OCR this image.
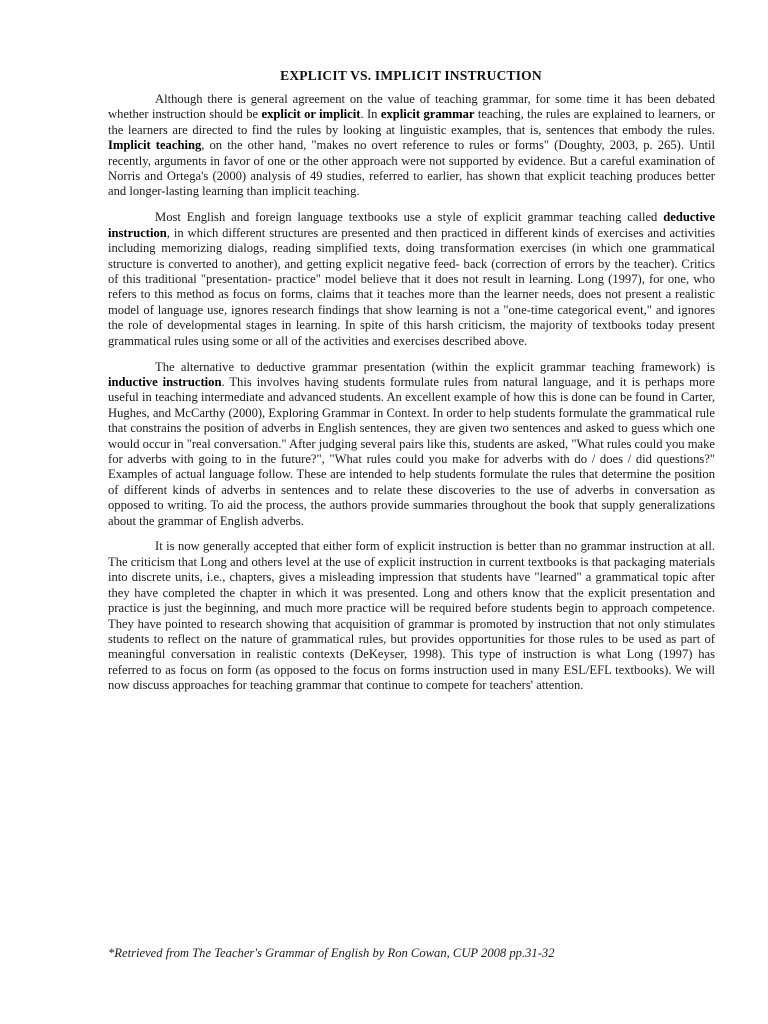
EXPLICIT VS. IMPLICIT INSTRUCTION

Although there is general agreement on the value of teaching grammar, for some time it has been debated whether instruction should be explicit or implicit. In explicit grammar teaching, the rules are explained to learners, or the learners are directed to find the rules by looking at linguistic examples, that is, sentences that embody the rules. Implicit teaching, on the other hand, "makes no overt reference to rules or forms" (Doughty, 2003, p. 265). Until recently, arguments in favor of one or the other approach were not supported by evidence. But a careful examination of Norris and Ortega's (2000) analysis of 49 studies, referred to earlier, has shown that explicit teaching produces better and longer-lasting learning than implicit teaching.

Most English and foreign language textbooks use a style of explicit grammar teaching called deductive instruction, in which different structures are presented and then practiced in different kinds of exercises and activities including memorizing dialogs, reading simplified texts, doing transformation exercises (in which one grammatical structure is converted to another), and getting explicit negative feed- back (correction of errors by the teacher). Critics of this traditional "presentation- practice" model believe that it does not result in learning. Long (1997), for one, who refers to this method as focus on forms, claims that it teaches more than the learner needs, does not present a realistic model of language use, ignores research findings that show learning is not a "one-time categorical event," and ignores the role of developmental stages in learning. In spite of this harsh criticism, the majority of textbooks today present grammatical rules using some or all of the activities and exercises described above.

The alternative to deductive grammar presentation (within the explicit grammar teaching framework) is inductive instruction. This involves having students formulate rules from natural language, and it is perhaps more useful in teaching intermediate and advanced students. An excellent example of how this is done can be found in Carter, Hughes, and McCarthy (2000), Exploring Grammar in Context. In order to help students formulate the grammatical rule that constrains the position of adverbs in English sentences, they are given two sentences and asked to guess which one would occur in "real conversation." After judging several pairs like this, students are asked, "What rules could you make for adverbs with going to in the future?", "What rules could you make for adverbs with do / does / did questions?" Examples of actual language follow. These are intended to help students formulate the rules that determine the position of different kinds of adverbs in sentences and to relate these discoveries to the use of adverbs in conversation as opposed to writing. To aid the process, the authors provide summaries throughout the book that supply generalizations about the grammar of English adverbs.

It is now generally accepted that either form of explicit instruction is better than no grammar instruction at all. The criticism that Long and others level at the use of explicit instruction in current textbooks is that packaging materials into discrete units, i.e., chapters, gives a misleading impression that students have "learned" a grammatical topic after they have completed the chapter in which it was presented. Long and others know that the explicit presentation and practice is just the beginning, and much more practice will be required before students begin to approach competence. They have pointed to research showing that acquisition of grammar is promoted by instruction that not only stimulates students to reflect on the nature of grammatical rules, but provides opportunities for those rules to be used as part of meaningful conversation in realistic contexts (DeKeyser, 1998). This type of instruction is what Long (1997) has referred to as focus on form (as opposed to the focus on forms instruction used in many ESL/EFL textbooks). We will now discuss approaches for teaching grammar that continue to compete for teachers' attention.

*Retrieved from The Teacher's Grammar of English by Ron Cowan, CUP 2008 pp.31-32
